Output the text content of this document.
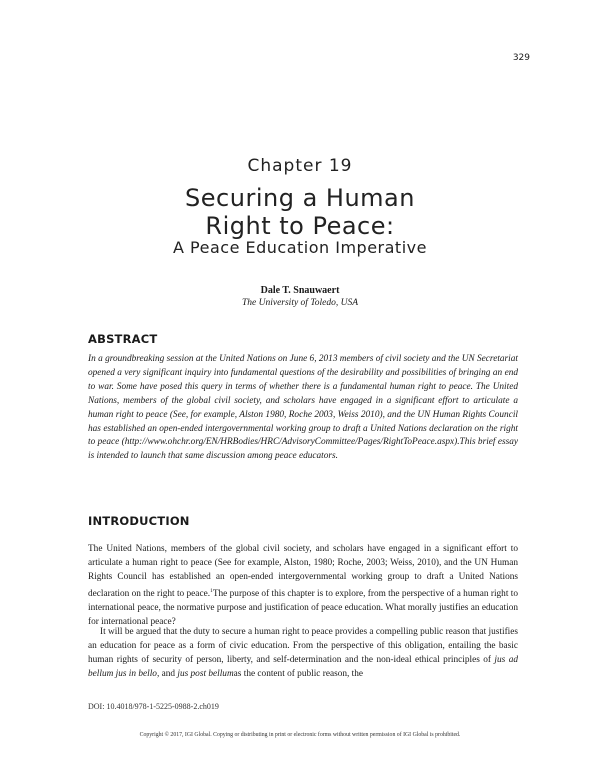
329
Chapter 19
Securing a Human
Right to Peace:
A Peace Education Imperative
Dale T. Snauwaert
The University of Toledo, USA
ABSTRACT

In a groundbreaking session at the United Nations on June 6, 2013 members of civil society and the UN Secretariat opened a very significant inquiry into fundamental questions of the desirability and possibilities of bringing an end to war. Some have posed this query in terms of whether there is a fundamental human right to peace. The United Nations, members of the global civil society, and scholars have engaged in a significant effort to articulate a human right to peace (See, for example, Alston 1980, Roche 2003, Weiss 2010), and the UN Human Rights Council has established an open-ended intergovernmental working group to draft a United Nations declaration on the right to peace (http://www.ohchr.org/EN/HRBodies/HRC/AdvisoryCommittee/Pages/RightToPeace.aspx).This brief essay is intended to launch that same discussion among peace educators.

INTRODUCTION

The United Nations, members of the global civil society, and scholars have engaged in a significant effort to articulate a human right to peace (See for example, Alston, 1980; Roche, 2003; Weiss, 2010), and the UN Human Rights Council has established an open-ended intergovernmental working group to draft a United Nations declaration on the right to peace.$^1$The purpose of this chapter is to explore, from the perspective of a human right to international peace, the normative purpose and justification of peace education. What morally justifies an education for international peace?

It will be argued that the duty to secure a human right to peace provides a compelling public reason that justifies an education for peace as a form of civic education. From the perspective of this obligation, entailing the basic human rights of security of person, liberty, and self-determination and the non-ideal ethical principles of jus ad bellum jus in bello, and jus post bellumas the content of public reason, the

DOI: 10.4018/978-1-5225-0988-2.ch019
Copyright © 2017, IGI Global. Copying or distributing in print or electronic forms without written permission of IGI Global is prohibited.
